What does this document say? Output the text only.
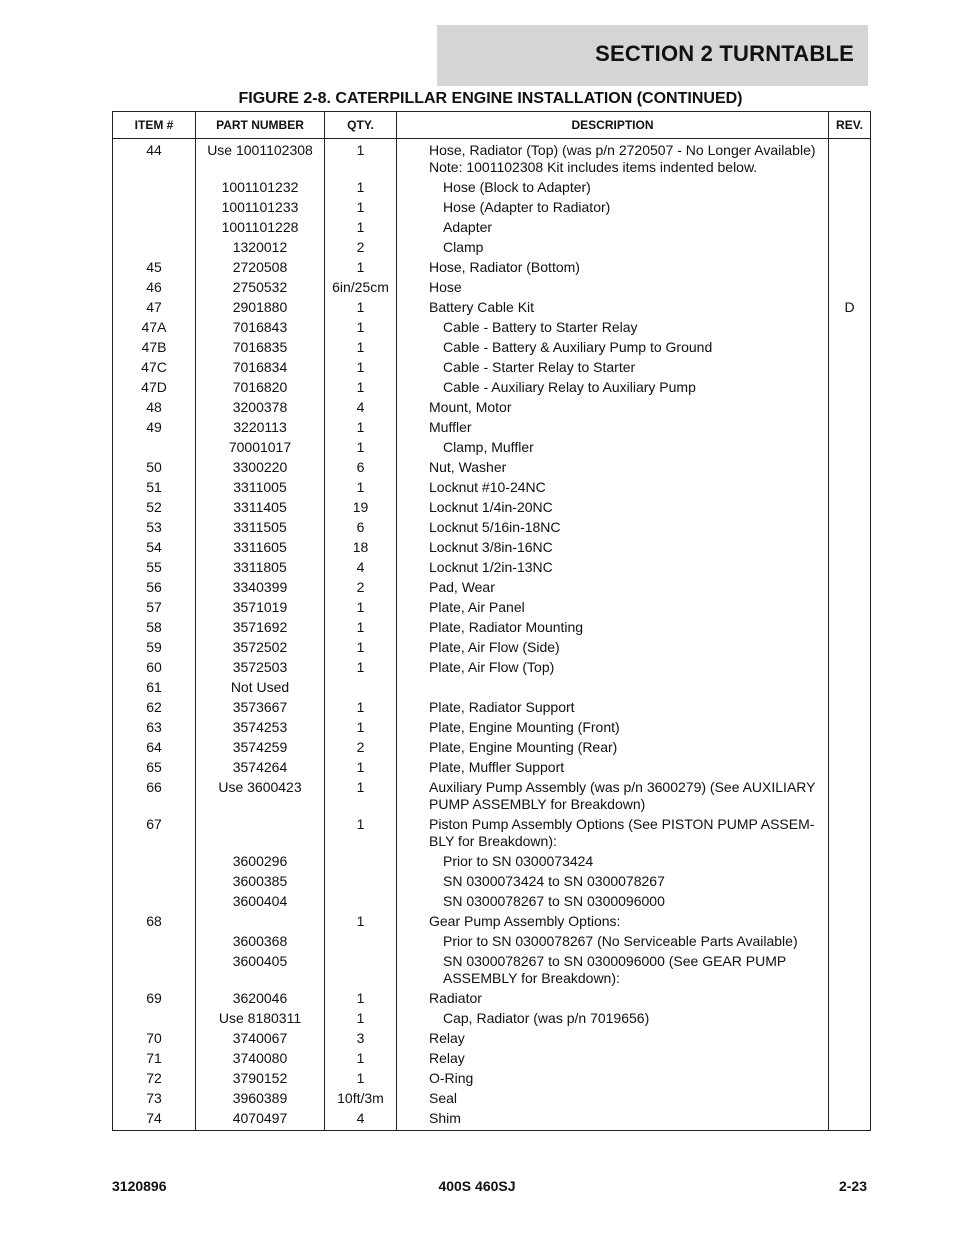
SECTION 2 TURNTABLE
FIGURE 2-8. CATERPILLAR ENGINE INSTALLATION (CONTINUED)
ITEM #	PART NUMBER	QTY.	DESCRIPTION	REV.
44	Use 1001102308	1	Hose, Radiator (Top) (was p/n 2720507 - No Longer Available)
Note: 1001102308 Kit includes items indented below.	

	1001101232	1	Hose (Block to Adapter)	

	1001101233	1	Hose (Adapter to Radiator)	

	1001101228	1	Adapter	

	1320012	2	Clamp	

45	2720508	1	Hose, Radiator (Bottom)	

46	2750532	6in/25cm	Hose	

47	2901880	1	Battery Cable Kit	D
47A	7016843	1	Cable - Battery to Starter Relay	

47B	7016835	1	Cable - Battery & Auxiliary Pump to Ground	

47C	7016834	1	Cable - Starter Relay to Starter	

47D	7016820	1	Cable - Auxiliary Relay to Auxiliary Pump	

48	3200378	4	Mount, Motor	

49	3220113	1	Muffler	

	70001017	1	Clamp, Muffler	

50	3300220	6	Nut, Washer	

51	3311005	1	Locknut #10-24NC	

52	3311405	19	Locknut 1/4in-20NC	

53	3311505	6	Locknut 5/16in-18NC	

54	3311605	18	Locknut 3/8in-16NC	

55	3311805	4	Locknut 1/2in-13NC	

56	3340399	2	Pad, Wear	

57	3571019	1	Plate, Air Panel	

58	3571692	1	Plate, Radiator Mounting	

59	3572502	1	Plate, Air Flow (Side)	

60	3572503	1	Plate, Air Flow (Top)	

61	Not Used		

62	3573667	1	Plate, Radiator Support	

63	3574253	1	Plate, Engine Mounting (Front)	

64	3574259	2	Plate, Engine Mounting (Rear)	

65	3574264	1	Plate, Muffler Support	

66	Use 3600423	1	Auxiliary Pump Assembly (was p/n 3600279) (See AUXILIARY
PUMP ASSEMBLY for Breakdown)	

67		1	Piston Pump Assembly Options (See PISTON PUMP ASSEM-
BLY for Breakdown):	

	3600296		Prior to SN 0300073424	

	3600385		SN 0300073424 to SN 0300078267	

	3600404		SN 0300078267 to SN 0300096000	

68		1	Gear Pump Assembly Options:	

	3600368		Prior to SN 0300078267 (No Serviceable Parts Available)	

	3600405		SN 0300078267 to SN 0300096000 (See GEAR PUMP
ASSEMBLY for Breakdown):	

69	3620046	1	Radiator	

	Use 8180311	1	Cap, Radiator (was p/n 7019656)	

70	3740067	3	Relay	

71	3740080	1	Relay	

72	3790152	1	O-Ring	

73	3960389	10ft/3m	Seal	

74	4070497	4	Shim	

3120896	400S 460SJ	2-23
